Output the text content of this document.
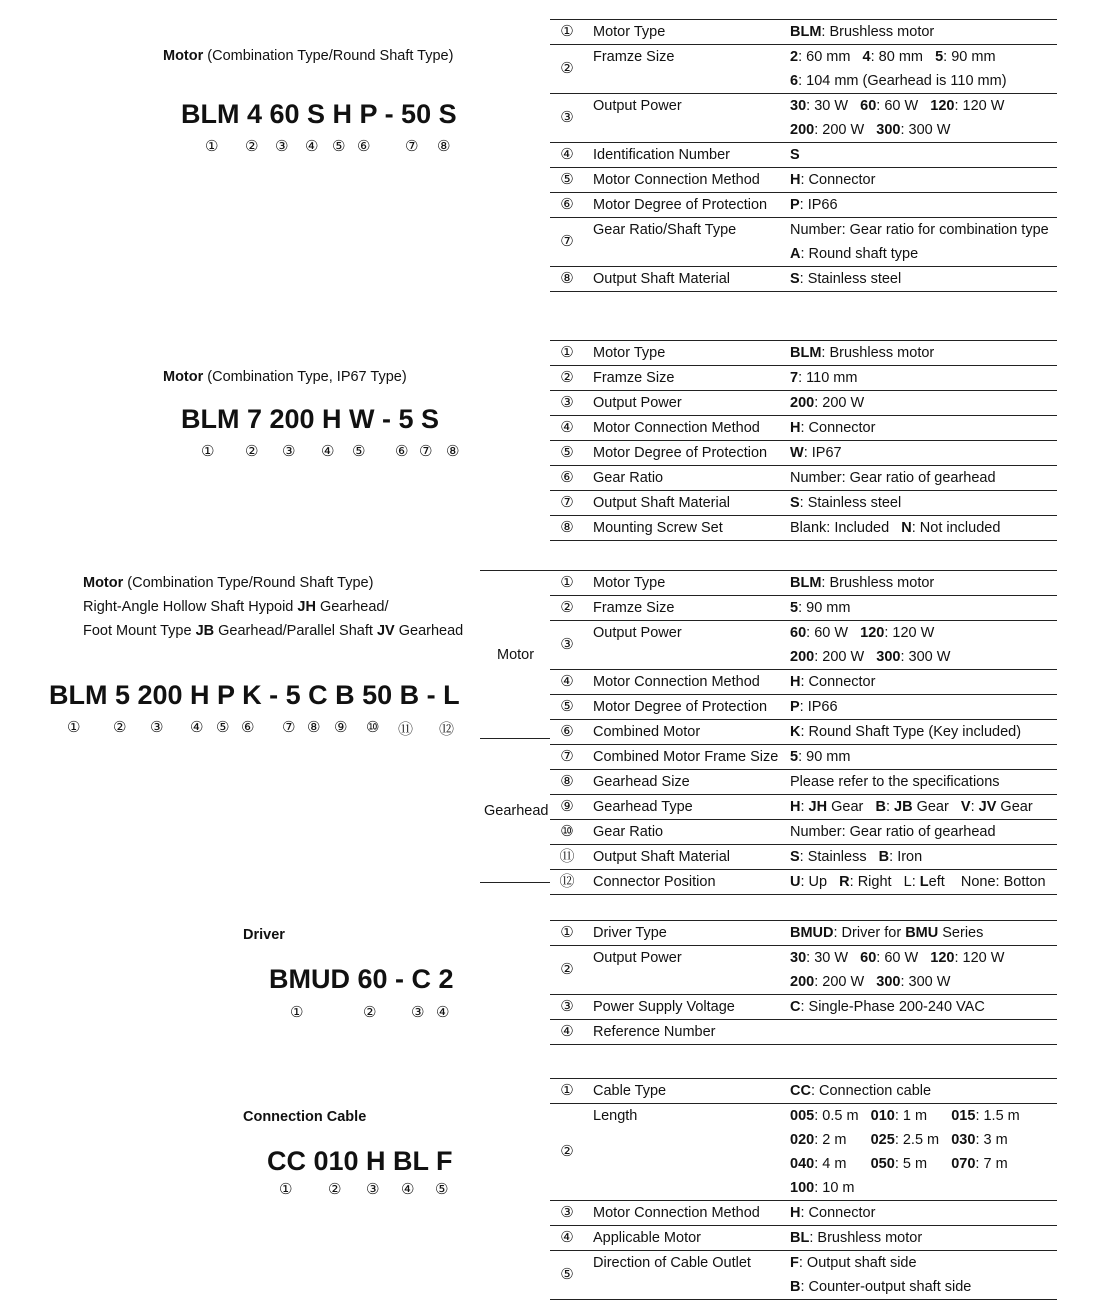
Motor (Combination Type/Round Shaft Type)
BLM 4 60 S H P - 50 S
① ② ③ ④ ⑤ ⑥ ⑦ ⑧
① Motor Type	BLM: Brushless motor
②
Framze Size	2: 60 mm   4: 80 mm   5: 90 mm
6: 104 mm (Gearhead is 110 mm)
③
Output Power	30: 30 W   60: 60 W   120: 120 W
200: 200 W   300: 300 W
④ Identification Number	S
⑤ Motor Connection Method H: Connector
⑥ Motor Degree of Protection P: IP66
⑦
Gear Ratio/Shaft Type	Number: Gear ratio for combination type
A: Round shaft type
⑧ Output Shaft Material	S: Stainless steel
Motor (Combination Type, IP67 Type)
BLM 7 200 H W - 5 S
① ② ③ ④ ⑤ ⑥ ⑦ ⑧
① Motor Type	BLM: Brushless motor
② Framze Size	7: 110 mm
③ Output Power	200: 200 W
④ Motor Connection Method H: Connector
⑤ Motor Degree of Protection W: IP67
⑥ Gear Ratio	Number: Gear ratio of gearhead
⑦ Output Shaft Material	S: Stainless steel
⑧ Mounting Screw Set	Blank: Included   N: Not included
Motor (Combination Type/Round Shaft Type)
Right-Angle Hollow Shaft Hypoid JH Gearhead/
Foot Mount Type JB Gearhead/Parallel Shaft JV Gearhead
BLM 5 200 H P K - 5 C B 50 B - L
① ② ③ ④ ⑤ ⑥ ⑦ ⑧ ⑨ ⑩ ⑪ ⑫
Motor
Gearhead
① Motor Type	BLM: Brushless motor
② Framze Size	5: 90 mm
③
Output Power	60: 60 W   120: 120 W
200: 200 W   300: 300 W
④ Motor Connection Method H: Connector
⑤ Motor Degree of Protection P: IP66
⑥ Combined Motor	K: Round Shaft Type (Key included)
⑦ Combined Motor Frame Size 5: 90 mm
⑧ Gearhead Size	Please refer to the specifications
⑨ Gearhead Type	H: JH Gear   B: JB Gear   V: JV Gear
⑩ Gear Ratio	Number: Gear ratio of gearhead
⑪ Output Shaft Material	S: Stainless   B: Iron
⑫ Connector Position	U: Up   R: Right   L: Left    None: Botton
Driver
BMUD 60 - C 2
①	② ③ ④
① Driver Type	BMUD: Driver for BMU Series
②
Output Power	30: 30 W   60: 60 W   120: 120 W
200: 200 W   300: 300 W
③ Power Supply Voltage	C: Single-Phase 200-240 VAC
④ Reference Number
Connection Cable
CC 010 H BL F
① ② ③ ④ ⑤
① Cable Type	CC: Connection cable
②
Length	005: 0.5 m   010: 1 m      015: 1.5 m
020: 2 m      025: 2.5 m   030: 3 m
040: 4 m      050: 5 m      070: 7 m
100: 10 m
③ Motor Connection Method H: Connector
④ Applicable Motor	BL: Brushless motor
⑤
Direction of Cable Outlet	F: Output shaft side
B: Counter-output shaft side
